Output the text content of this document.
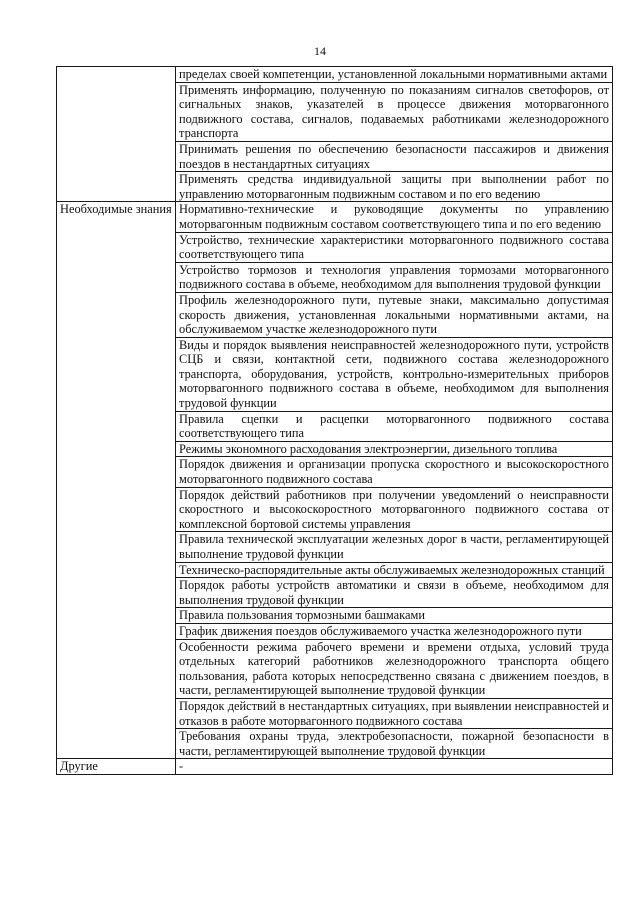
14
	пределах своей компетенции, установленной локальными нормативными актами
	Применять информацию, полученную по показаниям сигналов светофоров, от сигнальных знаков, указателей в процессе движения моторвагонного подвижного состава, сигналов, подаваемых работниками железнодорожного транспорта
	Принимать решения по обеспечению безопасности пассажиров и движения поездов в нестандартных ситуациях
	Применять средства индивидуальной защиты при выполнении работ по управлению моторвагонным подвижным составом и по его ведению
Необходимые знания	Нормативно-технические и руководящие документы по управлению моторвагонным подвижным составом соответствующего типа и по его ведению
	Устройство, технические характеристики моторвагонного подвижного состава соответствующего типа
	Устройство тормозов и технология управления тормозами моторвагонного подвижного состава в объеме, необходимом для выполнения трудовой функции
	Профиль железнодорожного пути, путевые знаки, максимально допустимая скорость движения, установленная локальными нормативными актами, на обслуживаемом участке железнодорожного пути
	Виды и порядок выявления неисправностей железнодорожного пути, устройств СЦБ и связи, контактной сети, подвижного состава железнодорожного транспорта, оборудования, устройств, контрольно-измерительных приборов моторвагонного подвижного состава в объеме, необходимом для выполнения трудовой функции
	Правила сцепки и расцепки моторвагонного подвижного состава соответствующего типа
	Режимы экономного расходования электроэнергии, дизельного топлива
	Порядок движения и организации пропуска скоростного и высокоскоростного моторвагонного подвижного состава
	Порядок действий работников при получении уведомлений о неисправности скоростного и высокоскоростного моторвагонного подвижного состава от комплексной бортовой системы управления
	Правила технической эксплуатации железных дорог в части, регламентирующей выполнение трудовой функции
	Техническо-распорядительные акты обслуживаемых железнодорожных станций
	Порядок работы устройств автоматики и связи в объеме, необходимом для выполнения трудовой функции
	Правила пользования тормозными башмаками
	График движения поездов обслуживаемого участка железнодорожного пути
	Особенности режима рабочего времени и времени отдыха, условий труда отдельных категорий работников железнодорожного транспорта общего пользования, работа которых непосредственно связана с движением поездов, в части, регламентирующей выполнение трудовой функции
	Порядок действий в нестандартных ситуациях, при выявлении неисправностей и отказов в работе моторвагонного подвижного состава
	Требования охраны труда, электробезопасности, пожарной безопасности в части, регламентирующей выполнение трудовой функции
Другие	-
